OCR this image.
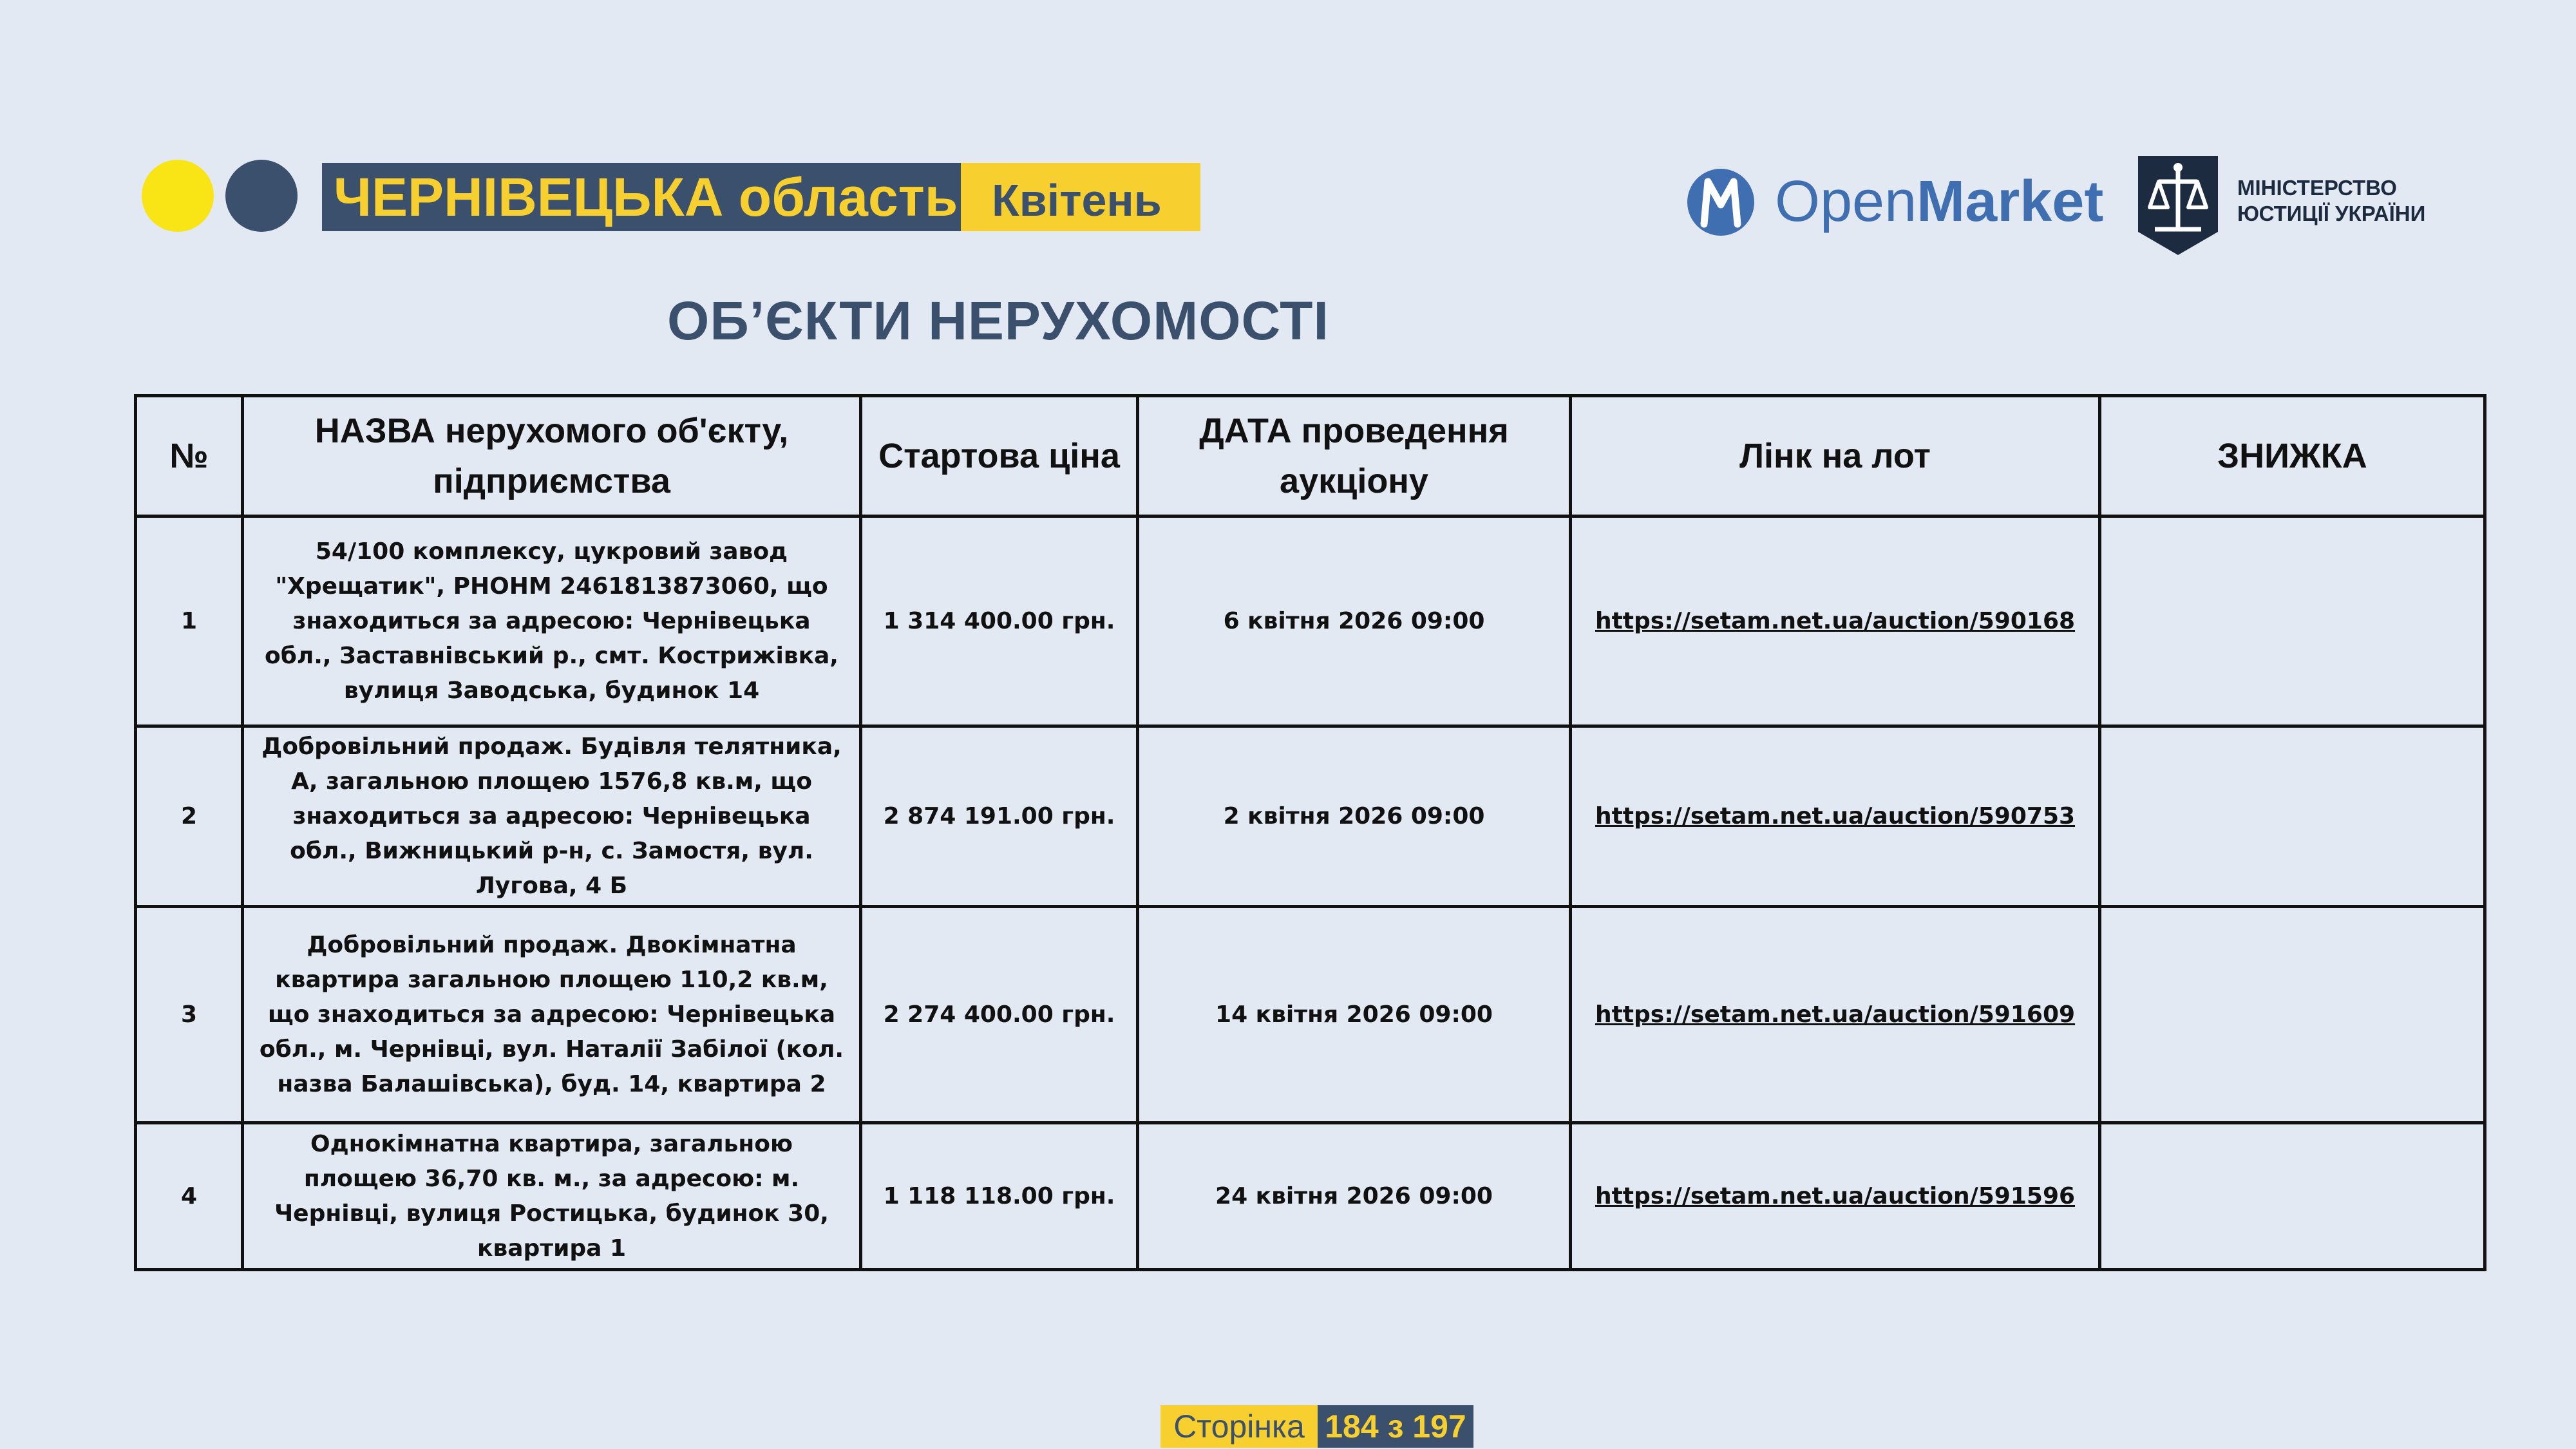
ЧЕРНІВЕЦЬКА область Квітень	OpenMarket	МІНІСТЕРСТВО
ЮСТИЦІЇ УКРАЇНИ
ОБ’ЄКТИ НЕРУХОМОСТІ
№	НАЗВА нерухомого об'єкту, підприємства	Стартова ціна	ДАТА проведення аукціону	Лінк на лот	ЗНИЖКА
1	54/100 комплексу, цукровий завод "Хрещатик", РНОНМ 2461813873060, що знаходиться за адресою: Чернівецька обл., Заставнівський р., смт. Кострижівка, вулиця Заводська, будинок 14	1 314 400.00 грн.	6 квітня 2026 09:00	https://setam.net.ua/auction/590168	
2	Добровільний продаж. Будівля телятника, А, загальною площею 1576,8 кв.м, що знаходиться за адресою: Чернівецька обл., Вижницький р-н, с. Замостя, вул. Лугова, 4 Б	2 874 191.00 грн.	2 квітня 2026 09:00	https://setam.net.ua/auction/590753	
3	Добровільний продаж. Двокімнатна квартира загальною площею 110,2 кв.м, що знаходиться за адресою: Чернівецька обл., м. Чернівці, вул. Наталії Забілої (кол. назва Балашівська), буд. 14, квартира 2	2 274 400.00 грн.	14 квітня 2026 09:00	https://setam.net.ua/auction/591609	
4	Однокімнатна квартира, загальною площею 36,70 кв. м., за адресою: м. Чернівці, вулиця Ростицька, будинок 30, квартира 1	1 118 118.00 грн.	24 квітня 2026 09:00	https://setam.net.ua/auction/591596	
Сторінка 184 з 197
